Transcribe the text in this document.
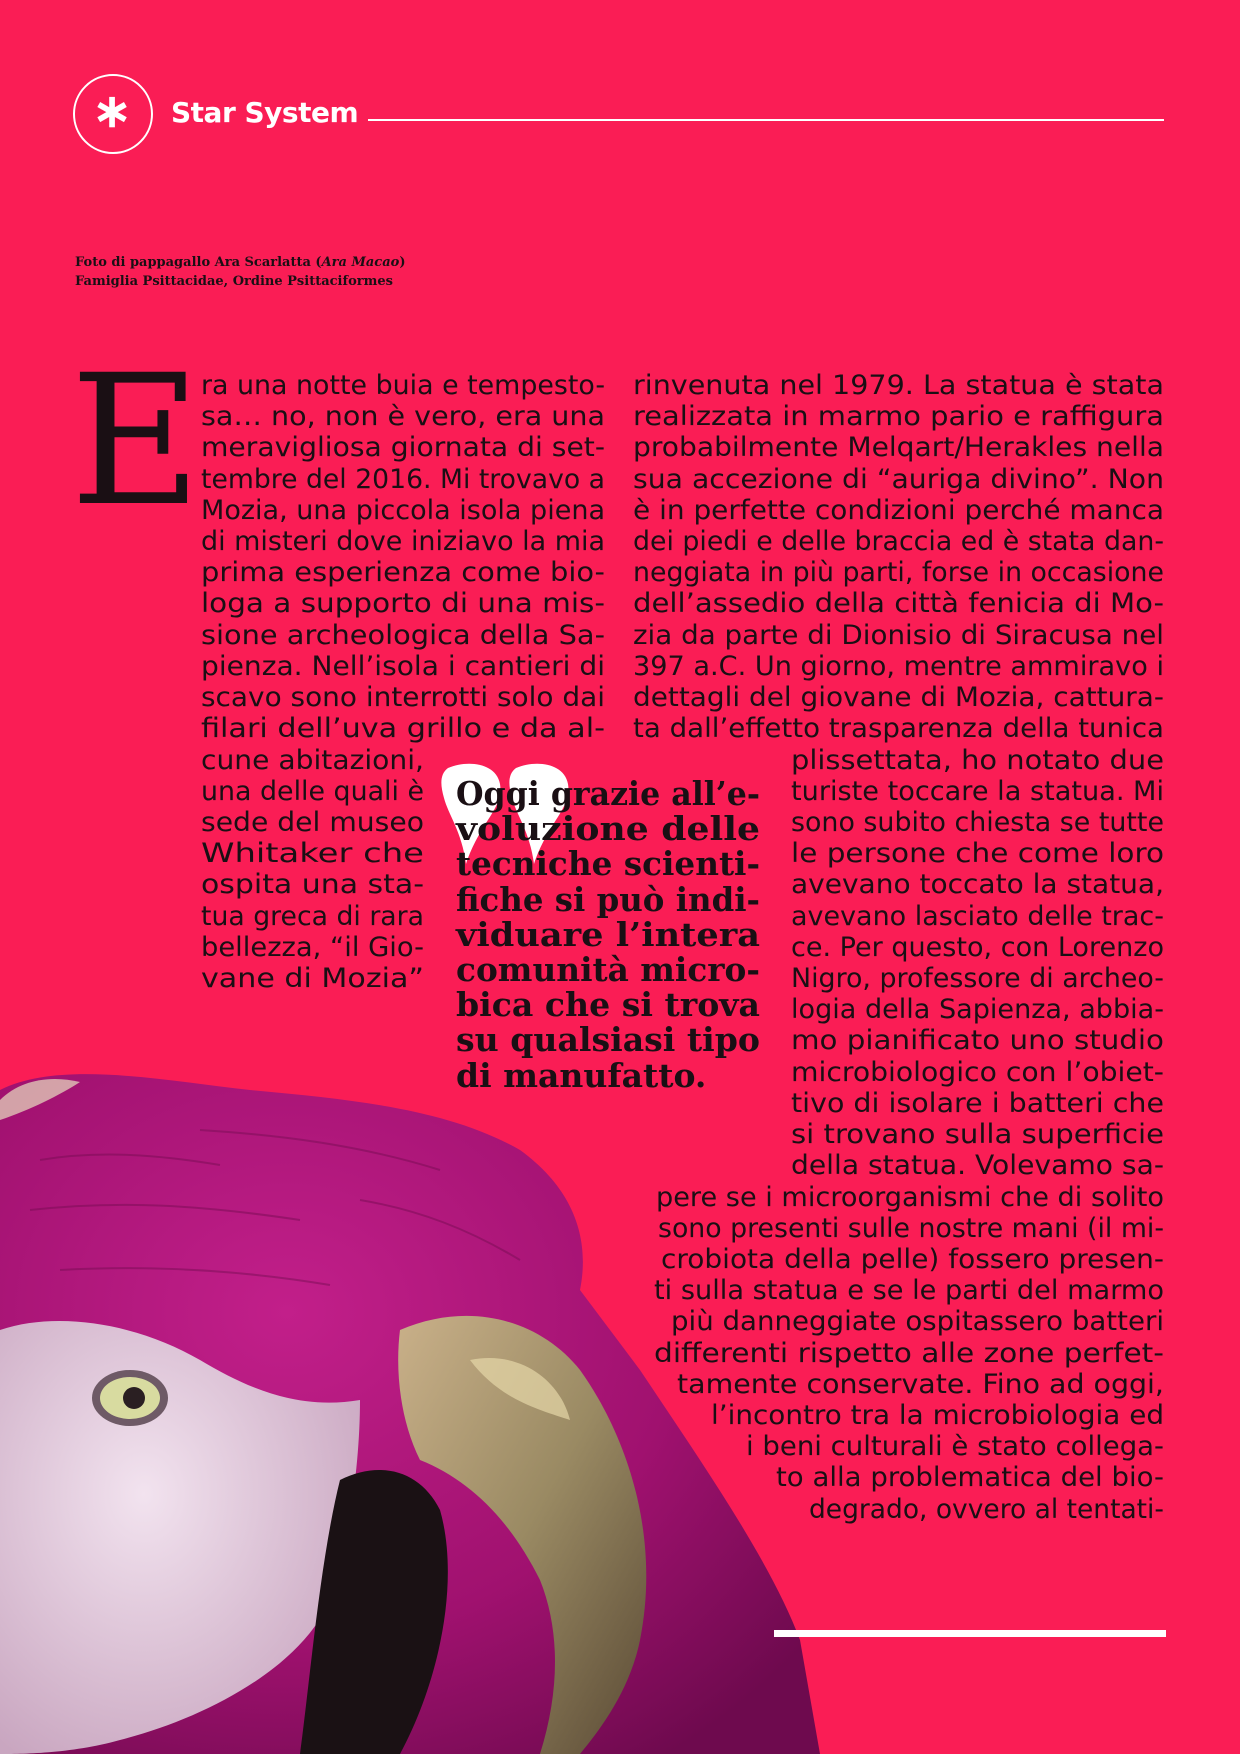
Star System
Foto di pappagallo Ara Scarlatta (Ara Macao)
Famiglia Psittacidae, Ordine Psittaciformes
E ra una notte buia e tempesto-
sa… no, non è vero, era una
meravigliosa giornata di set-
tembre del 2016. Mi trovavo a
Mozia, una piccola isola piena
di misteri dove iniziavo la mia
prima esperienza come bio-
loga a supporto di una mis-
sione archeologica della Sa-
pienza. Nell’isola i cantieri di
scavo sono interrotti solo dai
filari dell’uva grillo e da al-
cune abitazioni,
una delle quali è
sede del museo
Whitaker che
ospita una sta-
tua greca di rara
bellezza, “il Gio-
vane di Mozia”
rinvenuta nel 1979. La statua è stata
realizzata in marmo pario e raffigura
probabilmente Melqart/Herakles nella
sua accezione di “auriga divino”. Non
è in perfette condizioni perché manca
dei piedi e delle braccia ed è stata dan-
neggiata in più parti, forse in occasione
dell’assedio della città fenicia di Mo-
zia da parte di Dionisio di Siracusa nel
397 a.C. Un giorno, mentre ammiravo i
dettagli del giovane di Mozia, cattura-
ta dall’effetto trasparenza della tunica
plissettata, ho notato due
turiste toccare la statua. Mi
sono subito chiesta se tutte
le persone che come loro
avevano toccato la statua,
avevano lasciato delle trac-
ce. Per questo, con Lorenzo
Nigro, professore di archeo-
logia della Sapienza, abbia-
mo pianificato uno studio
microbiologico con l’obiet-
tivo di isolare i batteri che
si trovano sulla superficie
della statua. Volevamo sa-
pere se i microorganismi che di solito
sono presenti sulle nostre mani (il mi-
crobiota della pelle) fossero presen-
ti sulla statua e se le parti del marmo
più danneggiate ospitassero batteri
differenti rispetto alle zone perfet-
tamente conservate. Fino ad oggi,
l’incontro tra la microbiologia ed
i beni culturali è stato collega-
to alla problematica del bio-
degrado, ovvero al tentati-
Oggi grazie all’e-
voluzione delle
tecniche scienti-
fiche si può indi-
viduare l’intera
comunità micro-
bica che si trova
su qualsiasi tipo
di manufatto.
